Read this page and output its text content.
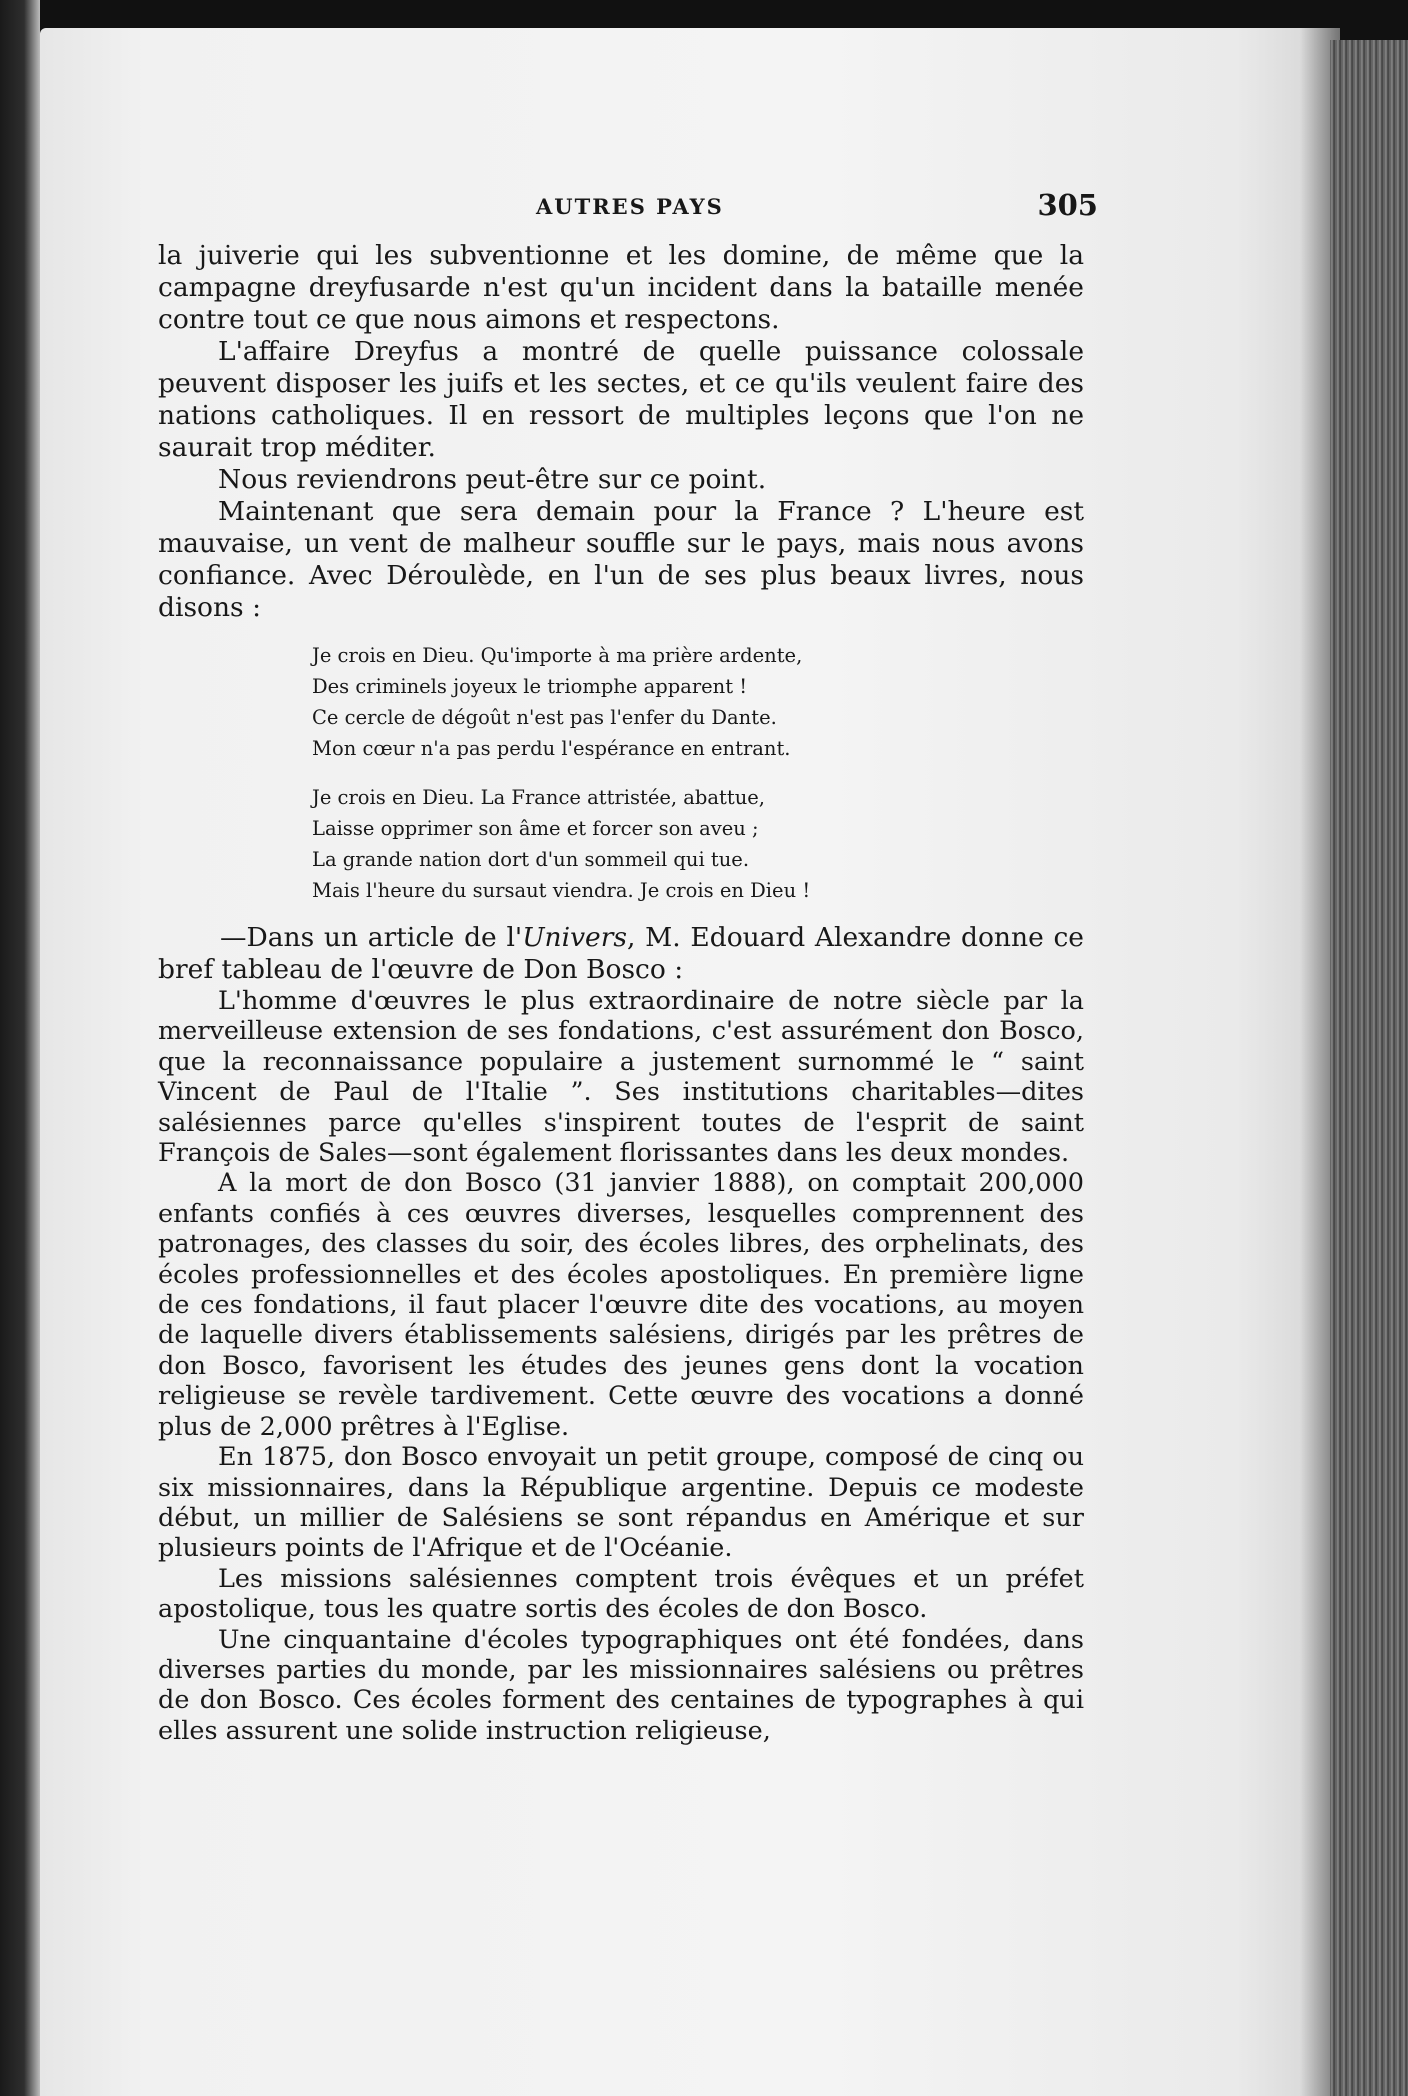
AUTRES PAYS	305

la juiverie qui les subventionne et les domine, de même que la campagne dreyfusarde n'est qu'un incident dans la bataille menée contre tout ce que nous aimons et respectons.

L'affaire Dreyfus a montré de quelle puissance colossale peuvent disposer les juifs et les sectes, et ce qu'ils veulent faire des nations catholiques. Il en ressort de multiples leçons que l'on ne saurait trop méditer.

Nous reviendrons peut-être sur ce point.

Maintenant que sera demain pour la France ? L'heure est mauvaise, un vent de malheur souffle sur le pays, mais nous avons confiance. Avec Déroulède, en l'un de ses plus beaux livres, nous disons :

Je crois en Dieu. Qu'importe à ma prière ardente,
Des criminels joyeux le triomphe apparent !
Ce cercle de dégoût n'est pas l'enfer du Dante.
Mon cœur n'a pas perdu l'espérance en entrant.
Je crois en Dieu. La France attristée, abattue,
Laisse opprimer son âme et forcer son aveu ;
La grande nation dort d'un sommeil qui tue.
Mais l'heure du sursaut viendra. Je crois en Dieu !

—Dans un article de l'Univers, M. Edouard Alexandre donne ce bref tableau de l'œuvre de Don Bosco :

L'homme d'œuvres le plus extraordinaire de notre siècle par la merveilleuse extension de ses fondations, c'est assurément don Bosco, que la reconnaissance populaire a justement surnommé le “ saint Vincent de Paul de l'Italie ”. Ses institutions charitables—dites salésiennes parce qu'elles s'inspirent toutes de l'esprit de saint François de Sales—sont également florissantes dans les deux mondes.

A la mort de don Bosco (31 janvier 1888), on comptait 200,000 enfants confiés à ces œuvres diverses, lesquelles comprennent des patronages, des classes du soir, des écoles libres, des orphelinats, des écoles professionnelles et des écoles apostoliques. En première ligne de ces fondations, il faut placer l'œuvre dite des vocations, au moyen de laquelle divers établissements salésiens, dirigés par les prêtres de don Bosco, favorisent les études des jeunes gens dont la vocation religieuse se revèle tardivement. Cette œuvre des vocations a donné plus de 2,000 prêtres à l'Eglise.

En 1875, don Bosco envoyait un petit groupe, composé de cinq ou six missionnaires, dans la République argentine. Depuis ce modeste début, un millier de Salésiens se sont répandus en Amérique et sur plusieurs points de l'Afrique et de l'Océanie.

Les missions salésiennes comptent trois évêques et un préfet apostolique, tous les quatre sortis des écoles de don Bosco.

Une cinquantaine d'écoles typographiques ont été fondées, dans diverses parties du monde, par les missionnaires salésiens ou prêtres de don Bosco. Ces écoles forment des centaines de typographes à qui elles assurent une solide instruction religieuse,
